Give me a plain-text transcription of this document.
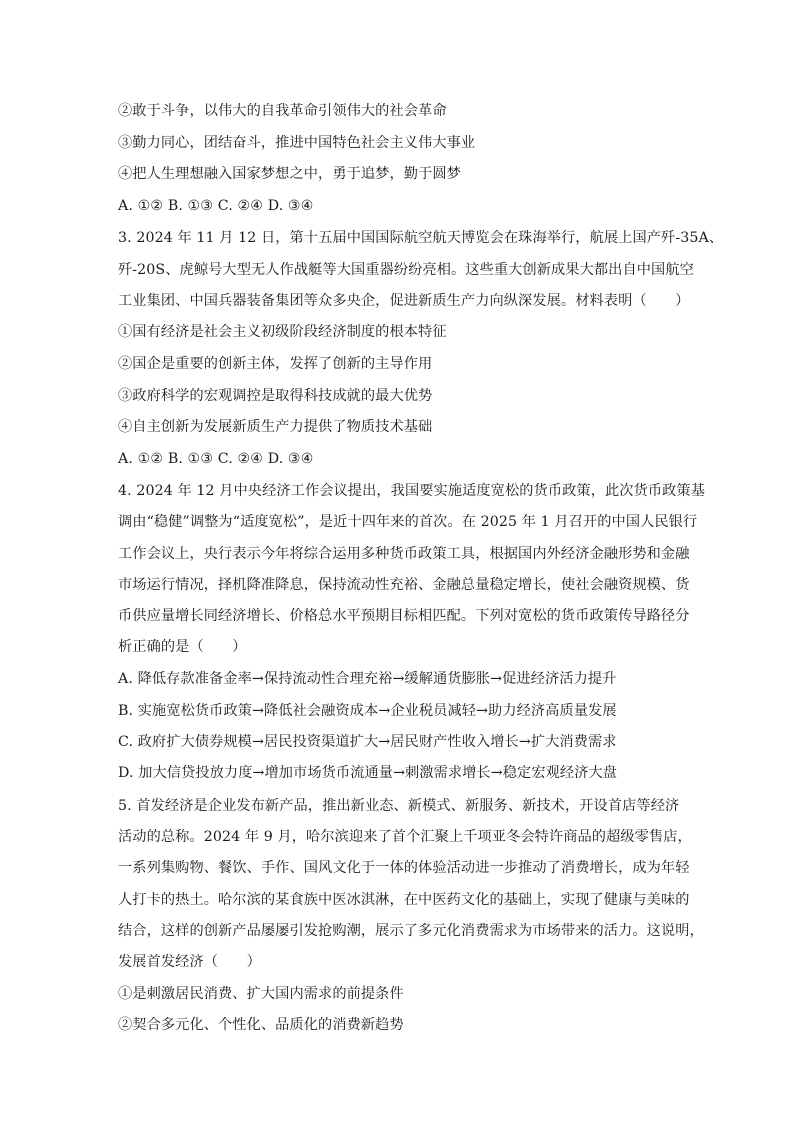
②敢于斗争，以伟大的自我革命引领伟大的社会革命
③勤力同心，团结奋斗，推进中国特色社会主义伟大事业
④把人生理想融入国家梦想之中，勇于追梦，勤于圆梦
A. ①② B. ①③ C. ②④ D. ③④
3. 2024 年 11 月 12 日，第十五届中国国际航空航天博览会在珠海举行，航展上国产歼-35A、
歼-20S、虎鲸号大型无人作战艇等大国重器纷纷亮相。这些重大创新成果大都出自中国航空
工业集团、中国兵器装备集团等众多央企，促进新质生产力向纵深发展。材料表明（　　）
①国有经济是社会主义初级阶段经济制度的根本特征
②国企是重要的创新主体，发挥了创新的主导作用
③政府科学的宏观调控是取得科技成就的最大优势
④自主创新为发展新质生产力提供了物质技术基础
A. ①② B. ①③ C. ②④ D. ③④
4. 2024 年 12 月中央经济工作会议提出，我国要实施适度宽松的货币政策，此次货币政策基
调由“稳健”调整为“适度宽松”，是近十四年来的首次。在 2025 年 1 月召开的中国人民银行
工作会议上，央行表示今年将综合运用多种货币政策工具，根据国内外经济金融形势和金融
市场运行情况，择机降准降息，保持流动性充裕、金融总量稳定增长，使社会融资规模、货
币供应量增长同经济增长、价格总水平预期目标相匹配。下列对宽松的货币政策传导路径分
析正确的是（　　）
A. 降低存款准备金率→保持流动性合理充裕→缓解通货膨胀→促进经济活力提升
B. 实施宽松货币政策→降低社会融资成本→企业税员减轻→助力经济高质量发展
C. 政府扩大债券规模→居民投资渠道扩大→居民财产性收入增长→扩大消费需求
D. 加大信贷投放力度→增加市场货币流通量→刺激需求增长→稳定宏观经济大盘
5. 首发经济是企业发布新产品，推出新业态、新模式、新服务、新技术，开设首店等经济
活动的总称。2024 年 9 月，哈尔滨迎来了首个汇聚上千项亚冬会特许商品的超级零售店，
一系列集购物、餐饮、手作、国风文化于一体的体验活动进一步推动了消费增长，成为年轻
人打卡的热土。哈尔滨的某食族中医冰淇淋，在中医药文化的基础上，实现了健康与美味的
结合，这样的创新产品屡屡引发抢购潮，展示了多元化消费需求为市场带来的活力。这说明，
发展首发经济（　　）
①是刺激居民消费、扩大国内需求的前提条件
②契合多元化、个性化、品质化的消费新趋势
